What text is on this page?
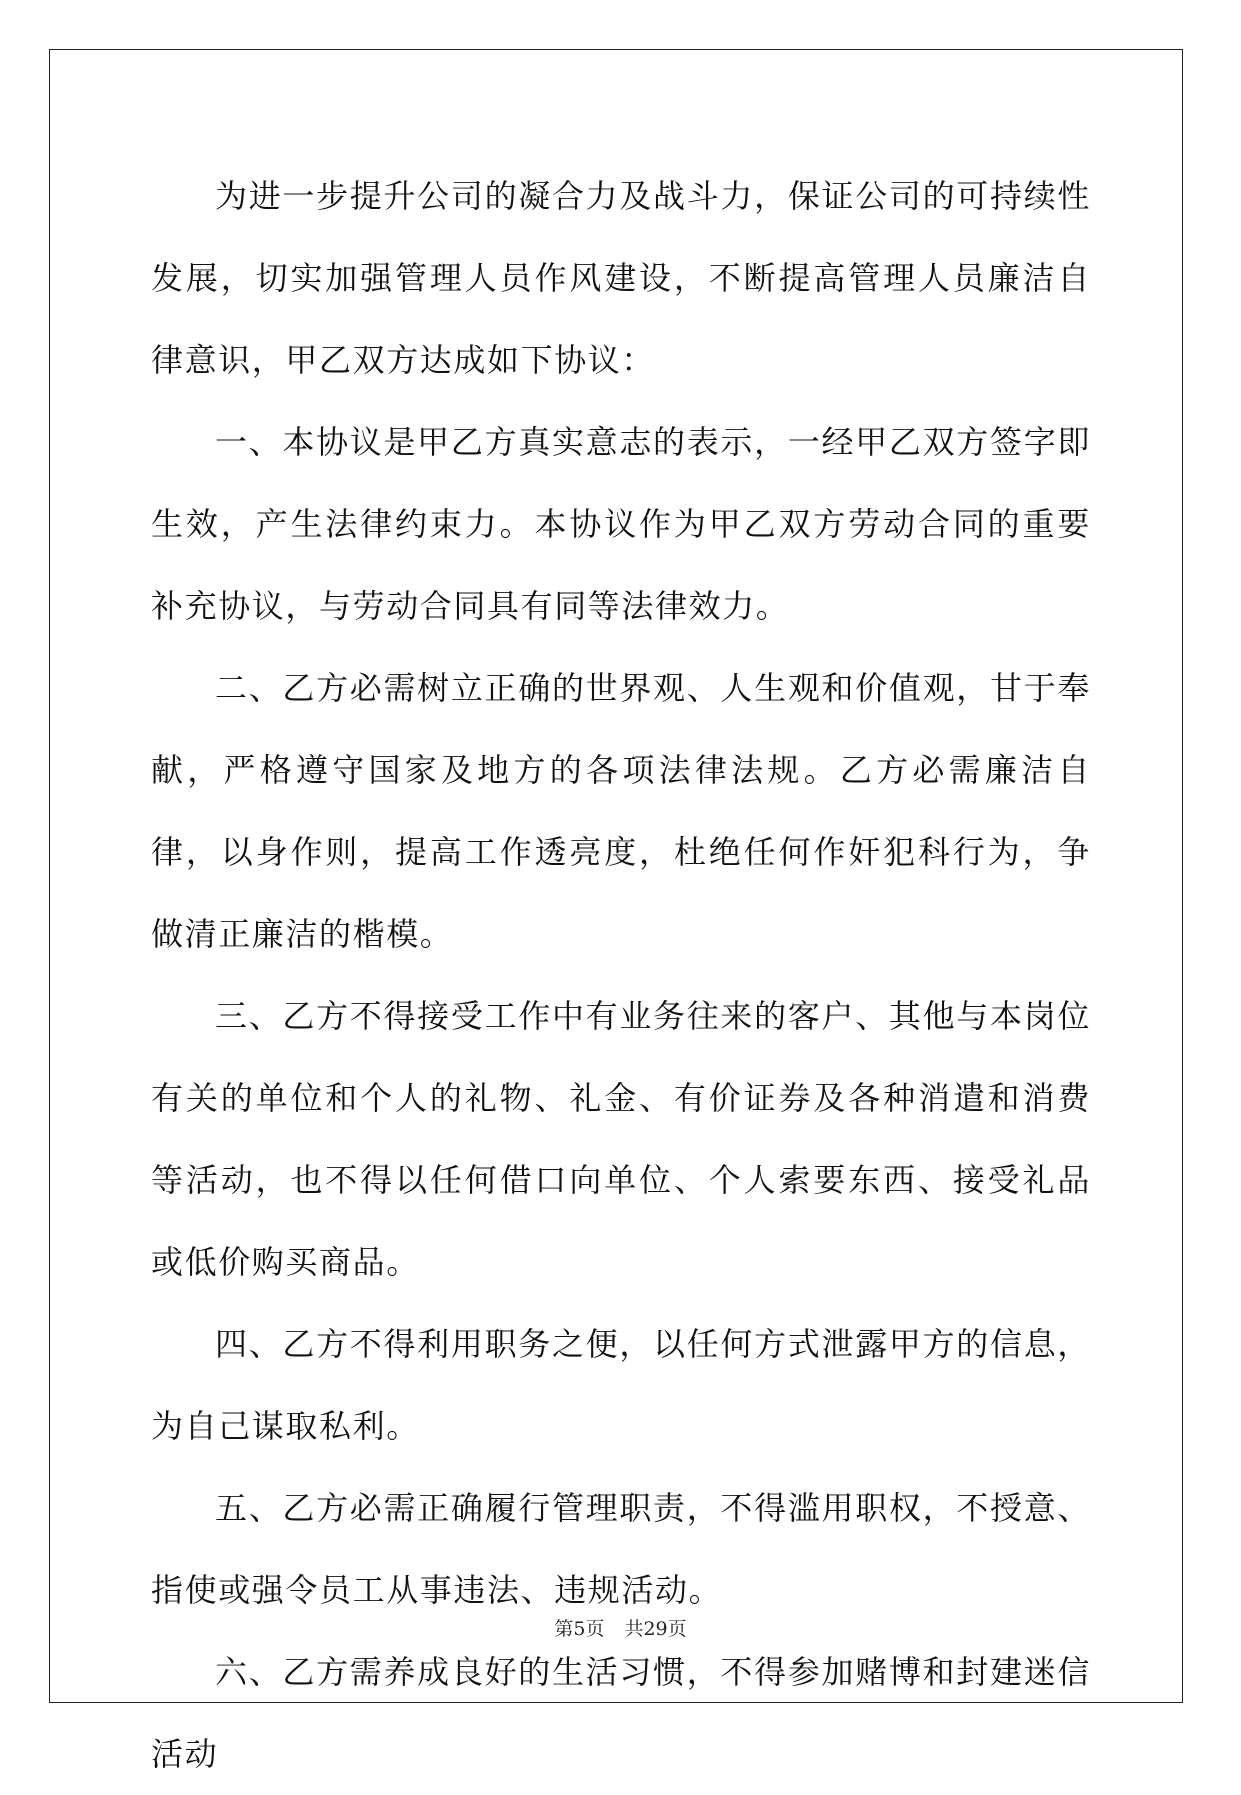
为进一步提升公司的凝合力及战斗力，保证公司的可持续性发展，切实加强管理人员作风建设，不断提高管理人员廉洁自律意识，甲乙双方达成如下协议：

一、本协议是甲乙方真实意志的表示，一经甲乙双方签字即生效，产生法律约束力。本协议作为甲乙双方劳动合同的重要补充协议，与劳动合同具有同等法律效力。

二、乙方必需树立正确的世界观、人生观和价值观，甘于奉献，严格遵守国家及地方的各项法律法规。乙方必需廉洁自律，以身作则，提高工作透亮度，杜绝任何作奸犯科行为，争做清正廉洁的楷模。

三、乙方不得接受工作中有业务往来的客户、其他与本岗位有关的单位和个人的礼物、礼金、有价证券及各种消遣和消费等活动，也不得以任何借口向单位、个人索要东西、接受礼品或低价购买商品。

四、乙方不得利用职务之便，以任何方式泄露甲方的信息，为自己谋取私利。

五、乙方必需正确履行管理职责，不得滥用职权，不授意、指使或强令员工从事违法、违规活动。

六、乙方需养成良好的生活习惯，不得参加赌博和封建迷信活动

第5页 共29页
